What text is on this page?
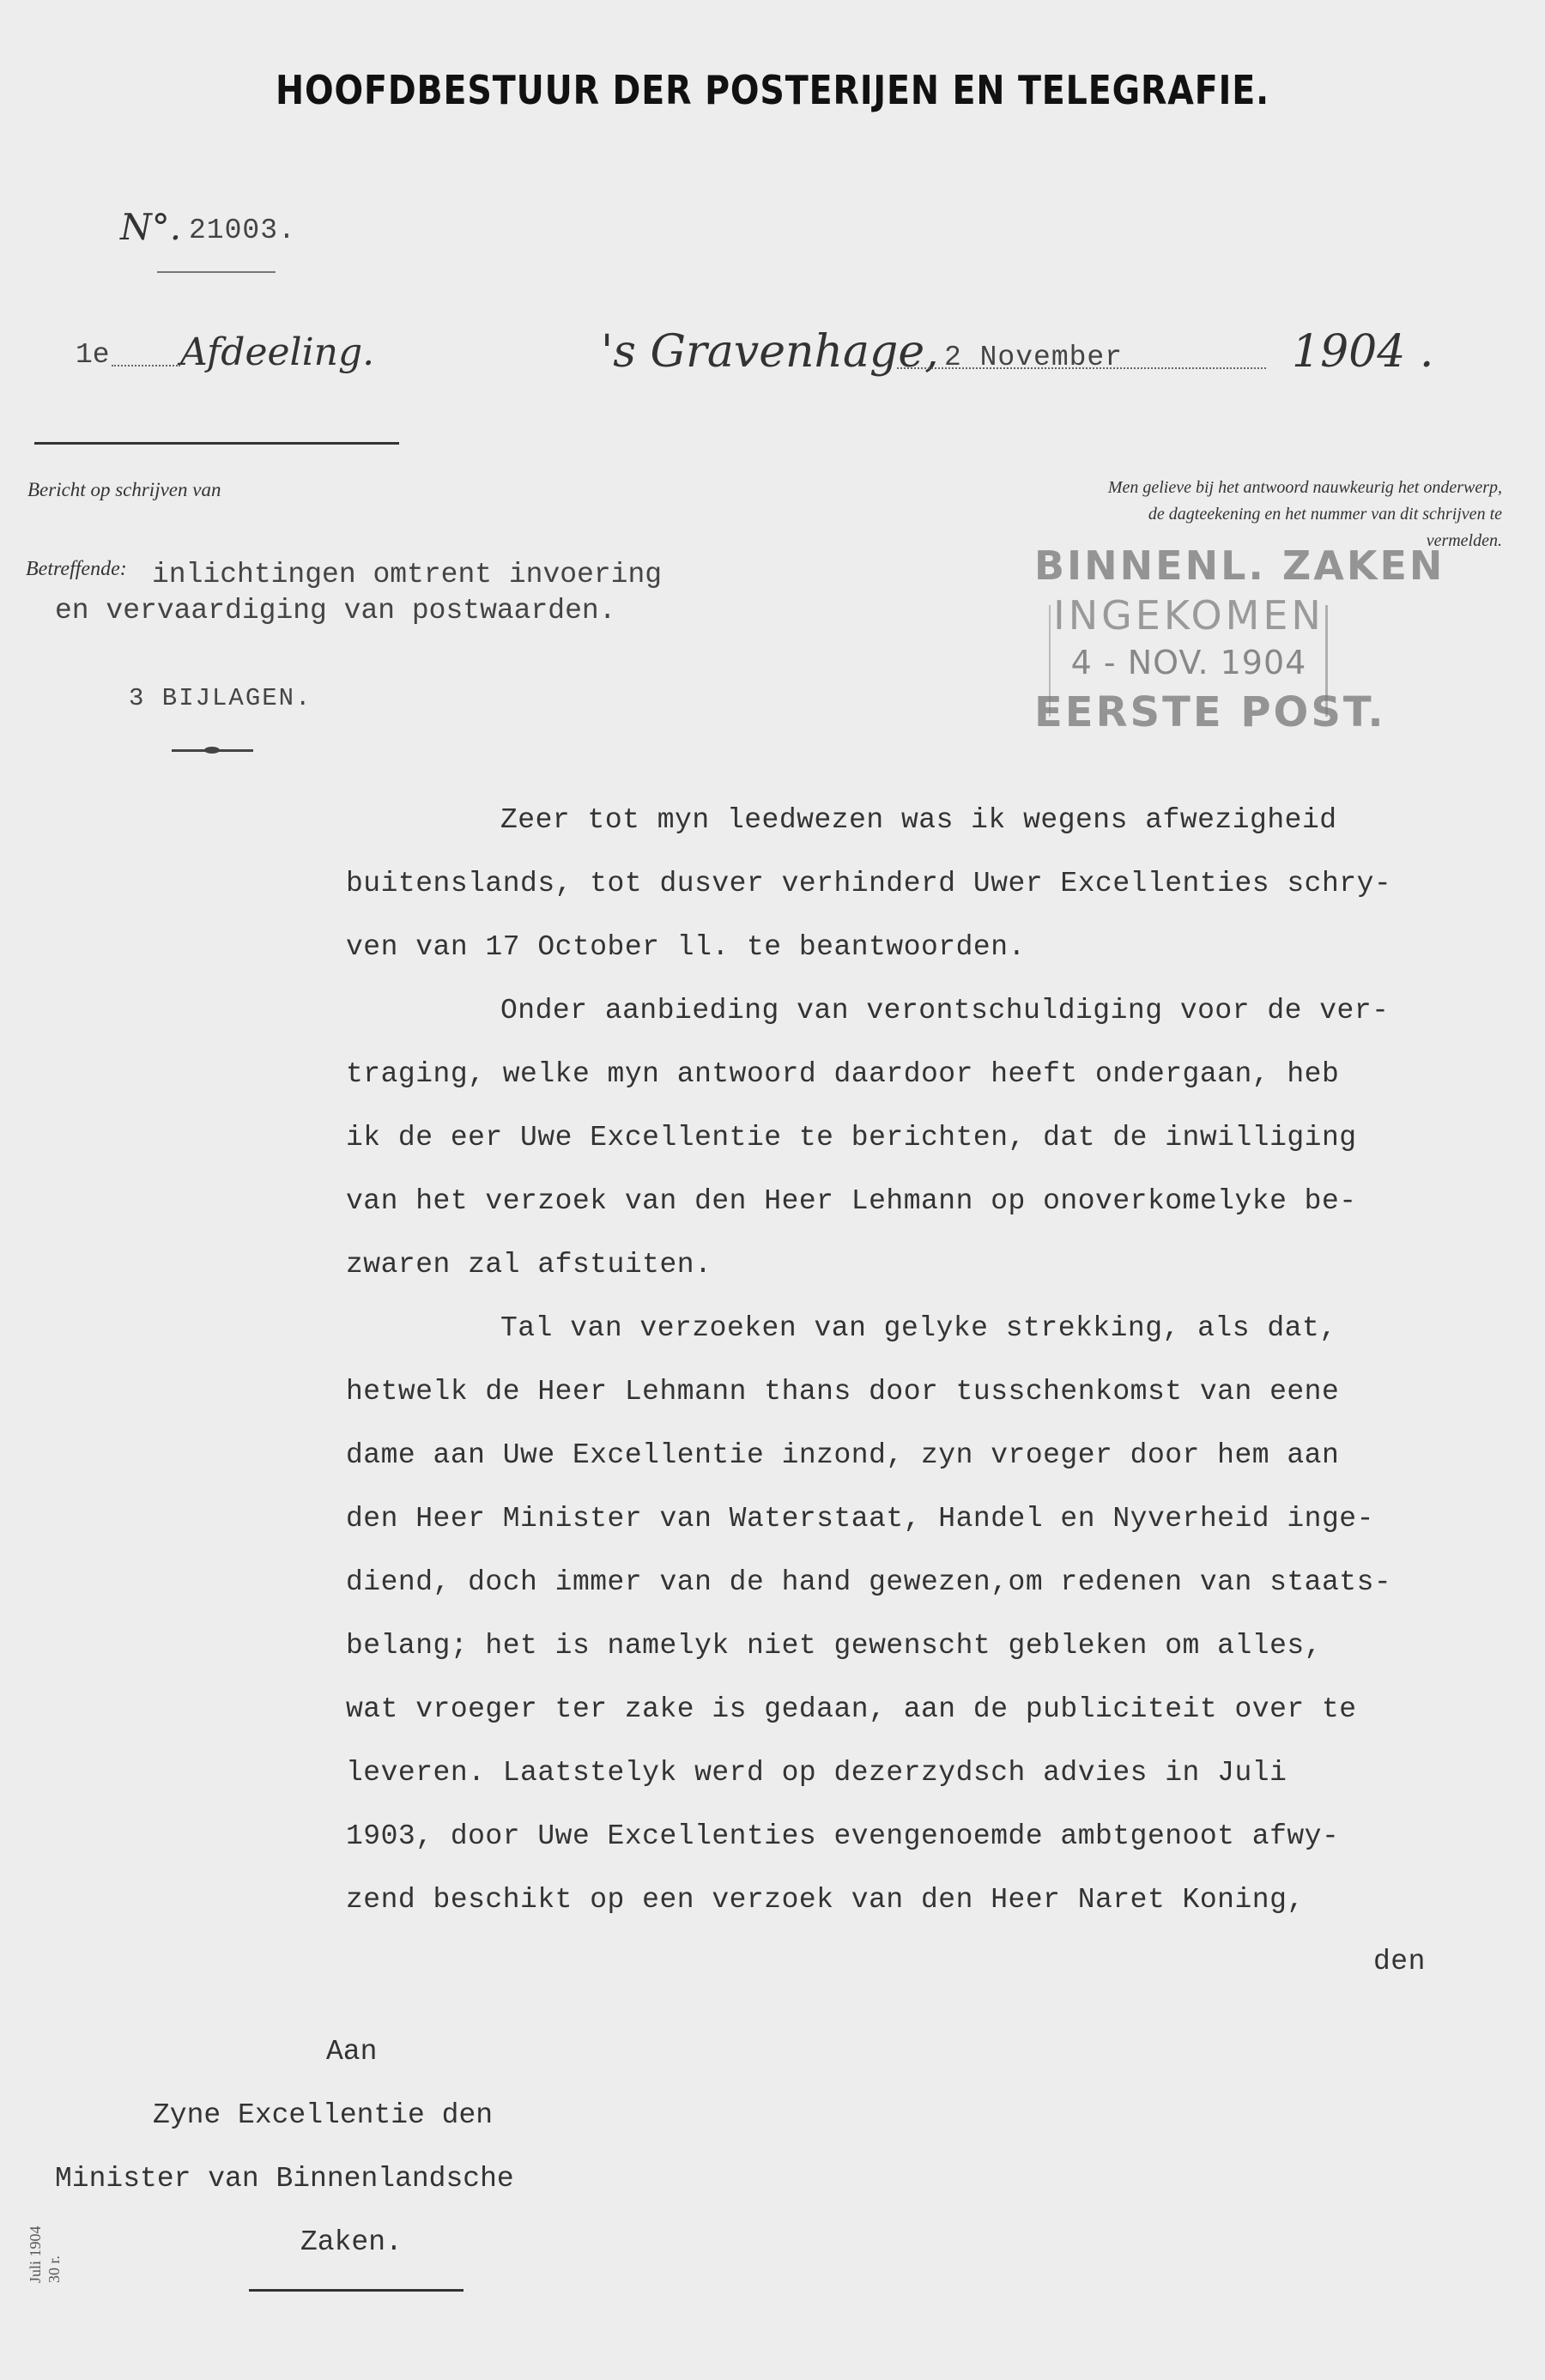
HOOFDBESTUUR DER POSTERIJEN EN TELEGRAFIE.
N°. 21003.
1e Afdeeling.	's Gravenhage, 2 November	1904 .
Bericht op schrijven van	Men gelieve bij het antwoord nauwkeurig het onderwerp, de dagteekening en het nummer van dit schrijven te vermelden.
BINNENL. ZAKEN
INGEKOMEN
4 - NOV. 1904
EERSTE POST.
Betreffende: inlichtingen omtrent invoering
en vervaardiging van postwaarden.
3 BIJLAGEN.
Zeer tot myn leedwezen was ik wegens afwezigheid
buitenslands, tot dusver verhinderd Uwer Excellenties schry-
ven van 17 October ll. te beantwoorden.
Onder aanbieding van verontschuldiging voor de ver-
traging, welke myn antwoord daardoor heeft ondergaan, heb
ik de eer Uwe Excellentie te berichten, dat de inwilliging
van het verzoek van den Heer Lehmann op onoverkomelyke be-
zwaren zal afstuiten.
Tal van verzoeken van gelyke strekking, als dat,
hetwelk de Heer Lehmann thans door tusschenkomst van eene
dame aan Uwe Excellentie inzond, zyn vroeger door hem aan
den Heer Minister van Waterstaat, Handel en Nyverheid inge-
diend, doch immer van de hand gewezen,om redenen van staats-
belang; het is namelyk niet gewenscht gebleken om alles,
wat vroeger ter zake is gedaan, aan de publiciteit over te
leveren. Laatstelyk werd op dezerzydsch advies in Juli
1903, door Uwe Excellenties evengenoemde ambtgenoot afwy-
zend beschikt op een verzoek van den Heer Naret Koning,
den
Aan
Zyne Excellentie den
Minister van Binnenlandsche
Zaken.
Juli 1904 30 r.
